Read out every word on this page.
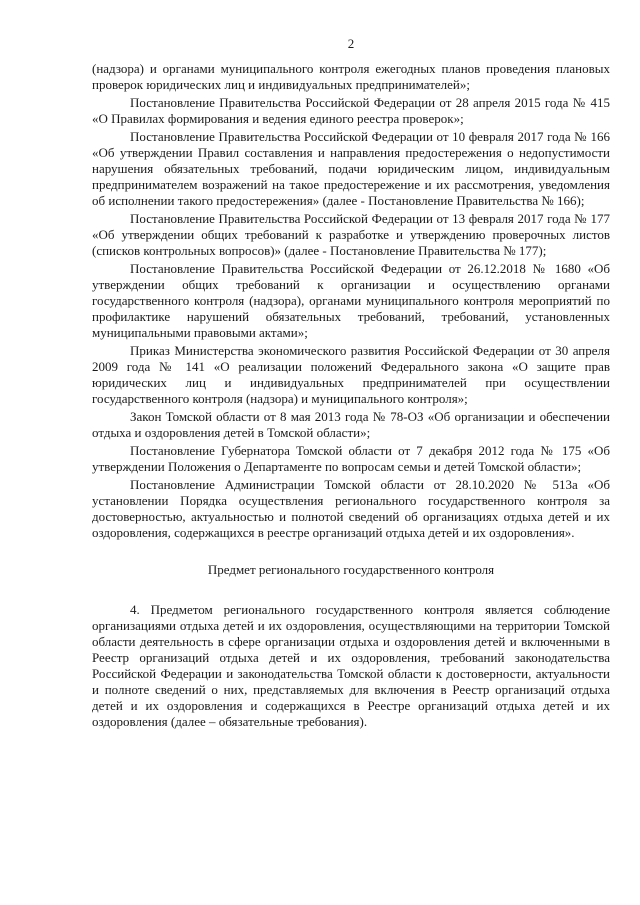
2

(надзора) и органами муниципального контроля ежегодных планов проведения плановых проверок юридических лиц и индивидуальных предпринимателей»;

Постановление Правительства Российской Федерации от 28 апреля 2015 года № 415 «О Правилах формирования и ведения единого реестра проверок»;

Постановление Правительства Российской Федерации от 10 февраля 2017 года № 166 «Об утверждении Правил составления и направления предостережения о недопустимости нарушения обязательных требований, подачи юридическим лицом, индивидуальным предпринимателем возражений на такое предостережение и их рассмотрения, уведомления об исполнении такого предостережения» (далее - Постановление Правительства № 166);

Постановление Правительства Российской Федерации от 13 февраля 2017 года № 177 «Об утверждении общих требований к разработке и утверждению проверочных листов (списков контрольных вопросов)» (далее - Постановление Правительства № 177);

Постановление Правительства Российской Федерации от 26.12.2018 № 1680 «Об утверждении общих требований к организации и осуществлению органами государственного контроля (надзора), органами муниципального контроля мероприятий по профилактике нарушений обязательных требований, требований, установленных муниципальными правовыми актами»;

Приказ Министерства экономического развития Российской Федерации от 30 апреля 2009 года № 141 «О реализации положений Федерального закона «О защите прав юридических лиц и индивидуальных предпринимателей при осуществлении государственного контроля (надзора) и муниципального контроля»;

Закон Томской области от 8 мая 2013 года № 78-ОЗ «Об организации и обеспечении отдыха и оздоровления детей в Томской области»;

Постановление Губернатора Томской области от 7 декабря 2012 года № 175 «Об утверждении Положения о Департаменте по вопросам семьи и детей Томской области»;

Постановление Администрации Томской области от 28.10.2020 № 513а «Об установлении Порядка осуществления регионального государственного контроля за достоверностью, актуальностью и полнотой сведений об организациях отдыха детей и их оздоровления, содержащихся в реестре организаций отдыха детей и их оздоровления».

Предмет регионального государственного контроля

4. Предметом регионального государственного контроля является соблюдение организациями отдыха детей и их оздоровления, осуществляющими на территории Томской области деятельность в сфере организации отдыха и оздоровления детей и включенными в Реестр организаций отдыха детей и их оздоровления, требований законодательства Российской Федерации и законодательства Томской области к достоверности, актуальности и полноте сведений о них, представляемых для включения в Реестр организаций отдыха детей и их оздоровления и содержащихся в Реестре организаций отдыха детей и их оздоровления (далее – обязательные требования).
